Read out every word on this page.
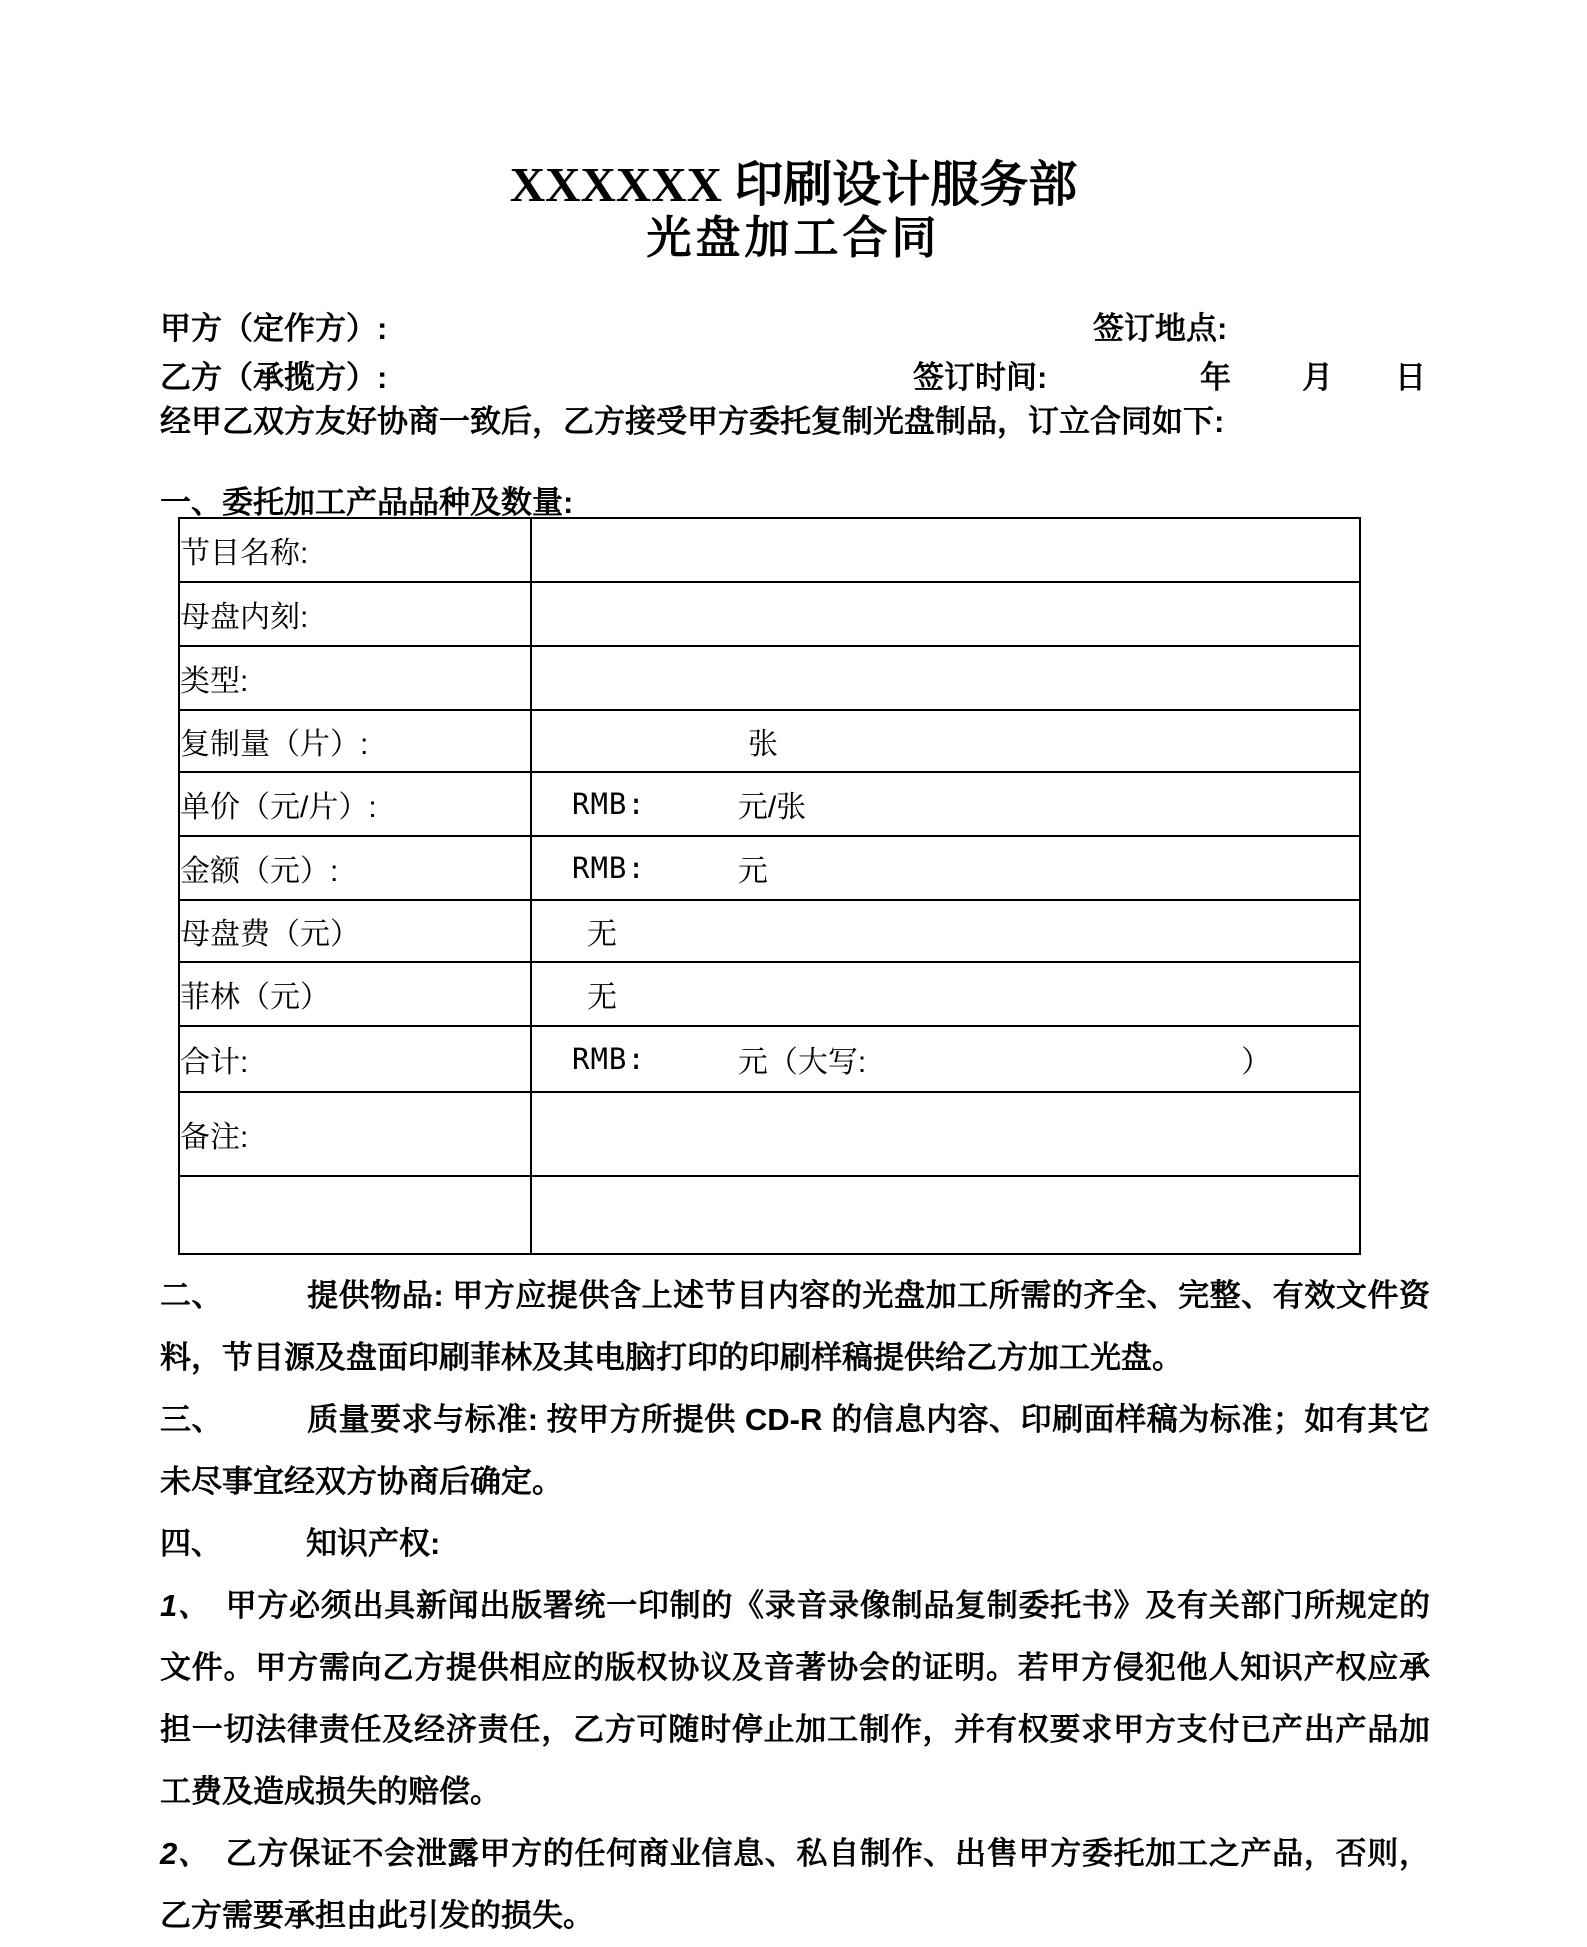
XXXXXX 印刷设计服务部
光盘加工合同
甲方（定作方）:	签订地点:
乙方（承揽方）:	签订时间:	年 月 日
经甲乙双方友好协商一致后，乙方接受甲方委托复制光盘制品，订立合同如下:
一、委托加工产品品种及数量:
节目名称:	
母盘内刻:	
类型:	
复制量（片）:	张
单价（元/片）:	RMB: 元/张
金额（元）:	RMB: 元
母盘费（元）	无
菲林（元）	无
合计:	RMB: 元（大写: ）
备注:	

二、	提供物品: 甲方应提供含上述节目内容的光盘加工所需的齐全、完整、有效文件资料，节目源及盘面印刷菲林及其电脑打印的印刷样稿提供给乙方加工光盘。
三、	质量要求与标准: 按甲方所提供 CD-R 的信息内容、印刷面样稿为标准；如有其它未尽事宜经双方协商后确定。
四、	知识产权:
1、 甲方必须出具新闻出版署统一印制的《录音录像制品复制委托书》及有关部门所规定的文件。甲方需向乙方提供相应的版权协议及音著协会的证明。若甲方侵犯他人知识产权应承担一切法律责任及经济责任，乙方可随时停止加工制作，并有权要求甲方支付已产出产品加工费及造成损失的赔偿。
2、 乙方保证不会泄露甲方的任何商业信息、私自制作、出售甲方委托加工之产品，否则，乙方需要承担由此引发的损失。
